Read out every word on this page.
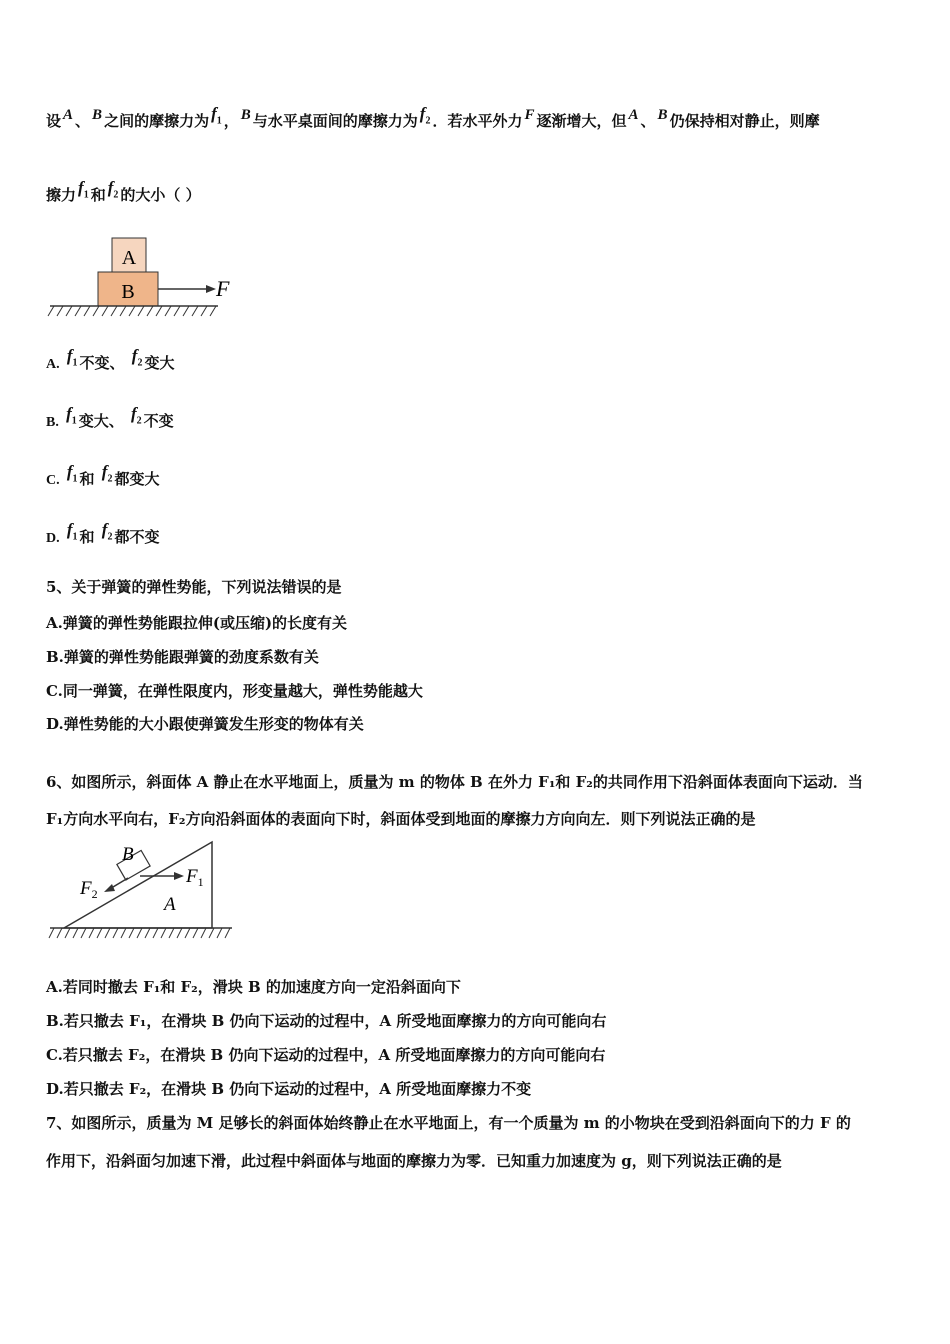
设 A 、 B 之间的摩擦力为 $f_1$ ， B 与水平桌面间的摩擦力为 $f_2$ ．若水平外力 F 逐渐增大，但 A 、 B 仍保持相对静止，则摩
擦力 $f_1$ 和 $f_2$ 的大小（ ）
A
B	F
A. $f_1$ 不变、 $f_2$ 变大
B. $f_1$ 变大、 $f_2$ 不变
C. $f_1$ 和 $f_2$ 都变大
D. $f_1$ 和 $f_2$ 都不变
5、关于弹簧的弹性势能，下列说法错误的是
A.弹簧的弹性势能跟拉伸(或压缩)的长度有关
B.弹簧的弹性势能跟弹簧的劲度系数有关
C.同一弹簧，在弹性限度内，形变量越大，弹性势能越大
D.弹性势能的大小跟使弹簧发生形变的物体有关
6、如图所示，斜面体 A 静止在水平地面上，质量为 m 的物体 B 在外力 F₁和 F₂的共同作用下沿斜面体表面向下运动．当
F₁方向水平向右，F₂方向沿斜面体的表面向下时，斜面体受到地面的摩擦力方向向左．则下列说法正确的是
A
B
$F_1$
$F_2$
A.若同时撤去 F₁和 F₂，滑块 B 的加速度方向一定沿斜面向下
B.若只撤去 F₁，在滑块 B 仍向下运动的过程中，A 所受地面摩擦力的方向可能向右
C.若只撤去 F₂，在滑块 B 仍向下运动的过程中，A 所受地面摩擦力的方向可能向右
D.若只撤去 F₂，在滑块 B 仍向下运动的过程中，A 所受地面摩擦力不变
7、如图所示，质量为 M 足够长的斜面体始终静止在水平地面上，有一个质量为 m 的小物块在受到沿斜面向下的力 F 的
作用下，沿斜面匀加速下滑，此过程中斜面体与地面的摩擦力为零．已知重力加速度为 g，则下列说法正确的是
